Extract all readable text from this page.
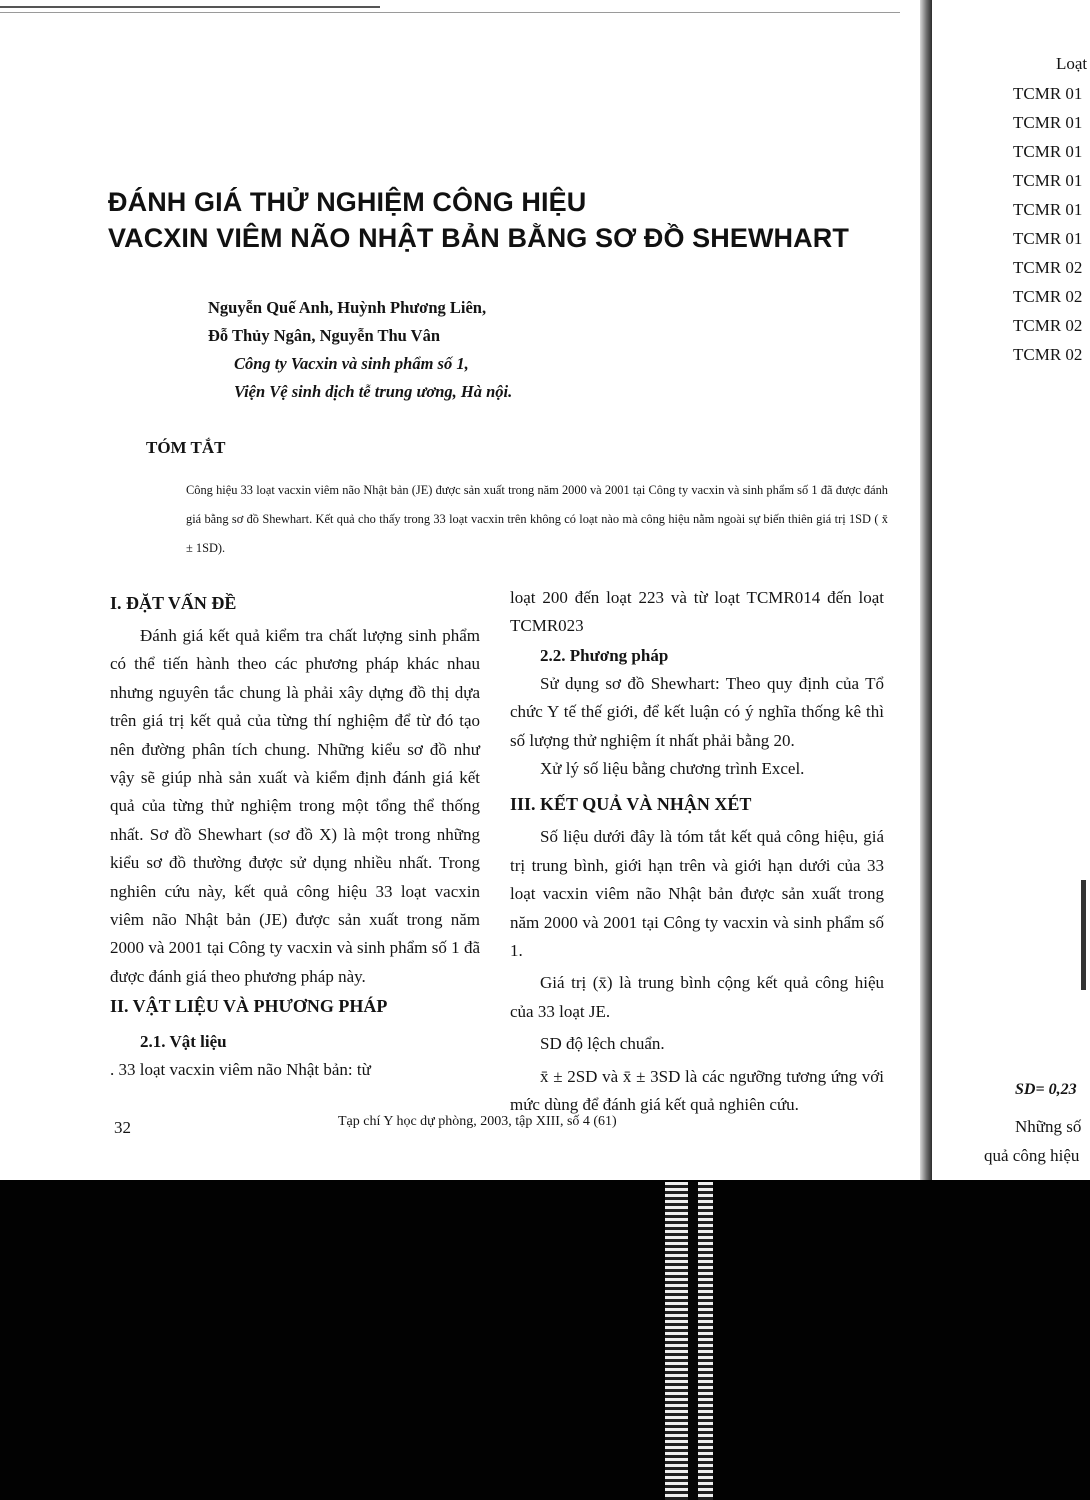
ĐÁNH GIÁ THỬ NGHIỆM CÔNG HIỆU
VACXIN VIÊM NÃO NHẬT BẢN BẰNG SƠ ĐỒ SHEWHART
Nguyễn Quế Anh, Huỳnh Phương Liên,
Đỗ Thủy Ngân, Nguyễn Thu Vân
Công ty Vacxin và sinh phẩm số 1,
Viện Vệ sinh dịch tễ trung ương, Hà nội.
TÓM TẮT
Công hiệu 33 loạt vacxin viêm não Nhật bản (JE) được sản xuất trong năm 2000 và 2001 tại Công ty vacxin và sinh phẩm số 1 đã được đánh giá bằng sơ đồ Shewhart. Kết quả cho thấy trong 33 loạt vacxin trên không có loạt nào mà công hiệu nằm ngoài sự biến thiên giá trị 1SD ( x̄ ± 1SD).
I. ĐẶT VẤN ĐỀ

Đánh giá kết quả kiểm tra chất lượng sinh phẩm có thể tiến hành theo các phương pháp khác nhau nhưng nguyên tắc chung là phải xây dựng đồ thị dựa trên giá trị kết quả của từng thí nghiệm để từ đó tạo nên đường phân tích chung. Những kiểu sơ đồ như vậy sẽ giúp nhà sản xuất và kiểm định đánh giá kết quả của từng thử nghiệm trong một tổng thể thống nhất. Sơ đồ Shewhart (sơ đồ X) là một trong những kiểu sơ đồ thường được sử dụng nhiều nhất. Trong nghiên cứu này, kết quả công hiệu 33 loạt vacxin viêm não Nhật bản (JE) được sản xuất trong năm 2000 và 2001 tại Công ty vacxin và sinh phẩm số 1 đã được đánh giá theo phương pháp này.

II. VẬT LIỆU VÀ PHƯƠNG PHÁP
2.1. Vật liệu

. 33 loạt vacxin viêm não Nhật bản: từ

loạt 200 đến loạt 223 và từ loạt TCMR014 đến loạt TCMR023

2.2. Phương pháp

Sử dụng sơ đồ Shewhart: Theo quy định của Tổ chức Y tế thế giới, để kết luận có ý nghĩa thống kê thì số lượng thử nghiệm ít nhất phải bằng 20.

Xử lý số liệu bằng chương trình Excel.

III. KẾT QUẢ VÀ NHẬN XÉT

Số liệu dưới đây là tóm tắt kết quả công hiệu, giá trị trung bình, giới hạn trên và giới hạn dưới của 33 loạt vacxin viêm não Nhật bản được sản xuất trong năm 2000 và 2001 tại Công ty vacxin và sinh phẩm số 1.

Giá trị (x̄) là trung bình cộng kết quả công hiệu của 33 loạt JE.

SD độ lệch chuẩn.

x̄ ± 2SD và x̄ ± 3SD là các ngưỡng tương ứng với mức dùng để đánh giá kết quả nghiên cứu.

32	Tạp chí Y học dự phòng, 2003, tập XIII, số 4 (61)
Loạt
TCMR 01
TCMR 01
TCMR 01
TCMR 01
TCMR 01
TCMR 01
TCMR 02
TCMR 02
TCMR 02
TCMR 02
SD= 0,23
Những số
quả công hiệu
